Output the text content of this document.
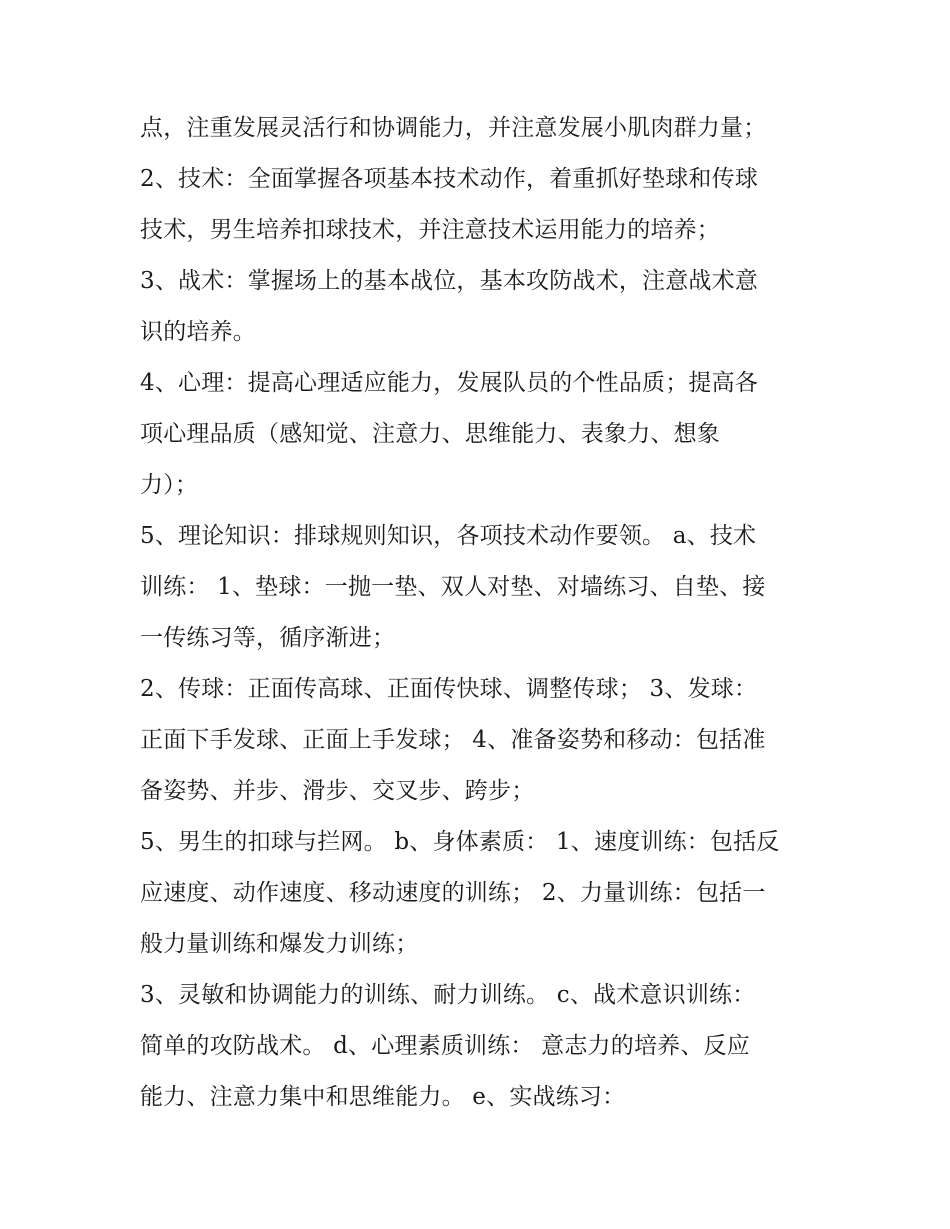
点，注重发展灵活行和协调能力，并注意发展小肌肉群力量；
2、技术：全面掌握各项基本技术动作，着重抓好垫球和传球
技术，男生培养扣球技术，并注意技术运用能力的培养；
3、战术：掌握场上的基本战位，基本攻防战术，注意战术意
识的培养。
4、心理：提高心理适应能力，发展队员的个性品质；提高各
项心理品质（感知觉、注意力、思维能力、表象力、想象
力）；
5、理论知识：排球规则知识，各项技术动作要领。 a、技术
训练： 1、垫球：一抛一垫、双人对垫、对墙练习、自垫、接
一传练习等，循序渐进；
2、传球：正面传高球、正面传快球、调整传球； 3、发球：
正面下手发球、正面上手发球； 4、准备姿势和移动：包括准
备姿势、并步、滑步、交叉步、跨步；
5、男生的扣球与拦网。 b、身体素质： 1、速度训练：包括反
应速度、动作速度、移动速度的训练； 2、力量训练：包括一
般力量训练和爆发力训练；
3、灵敏和协调能力的训练、耐力训练。 c、战术意识训练：
简单的攻防战术。 d、心理素质训练： 意志力的培养、反应
能力、注意力集中和思维能力。 e、实战练习：
